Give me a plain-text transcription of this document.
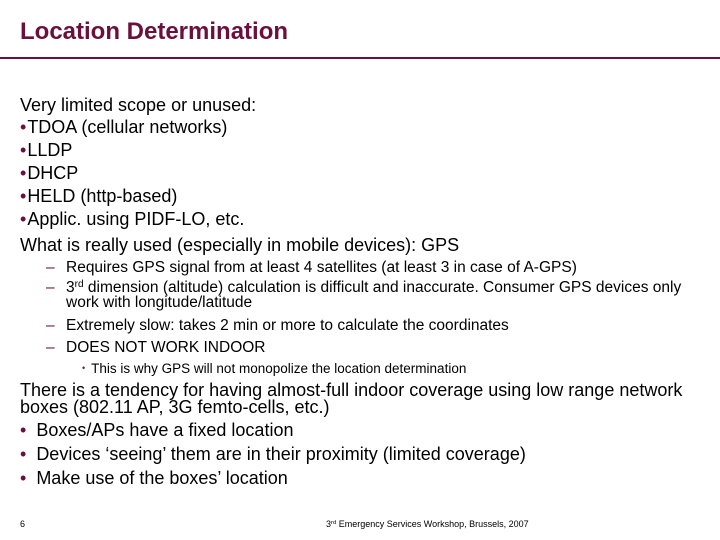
Location Determination
Very limited scope or unused:
•TDOA (cellular networks)
•LLDP
•DHCP
•HELD (http-based)
•Applic. using PIDF-LO, etc.
What is really used (especially in mobile devices): GPS
– Requires GPS signal from at least 4 satellites (at least 3 in case of A-GPS)
– 3rd dimension (altitude) calculation is difficult and inaccurate. Consumer GPS devices only work with longitude/latitude
– Extremely slow: takes 2 min or more to calculate the coordinates
– DOES NOT WORK INDOOR
• This is why GPS will not monopolize the location determination
There is a tendency for having almost-full indoor coverage using low range network boxes (802.11 AP, 3G femto-cells, etc.)
• Boxes/APs have a fixed location
• Devices ‘seeing’ them are in their proximity (limited coverage)
• Make use of the boxes’ location
6	3rd Emergency Services Workshop, Brussels, 2007
